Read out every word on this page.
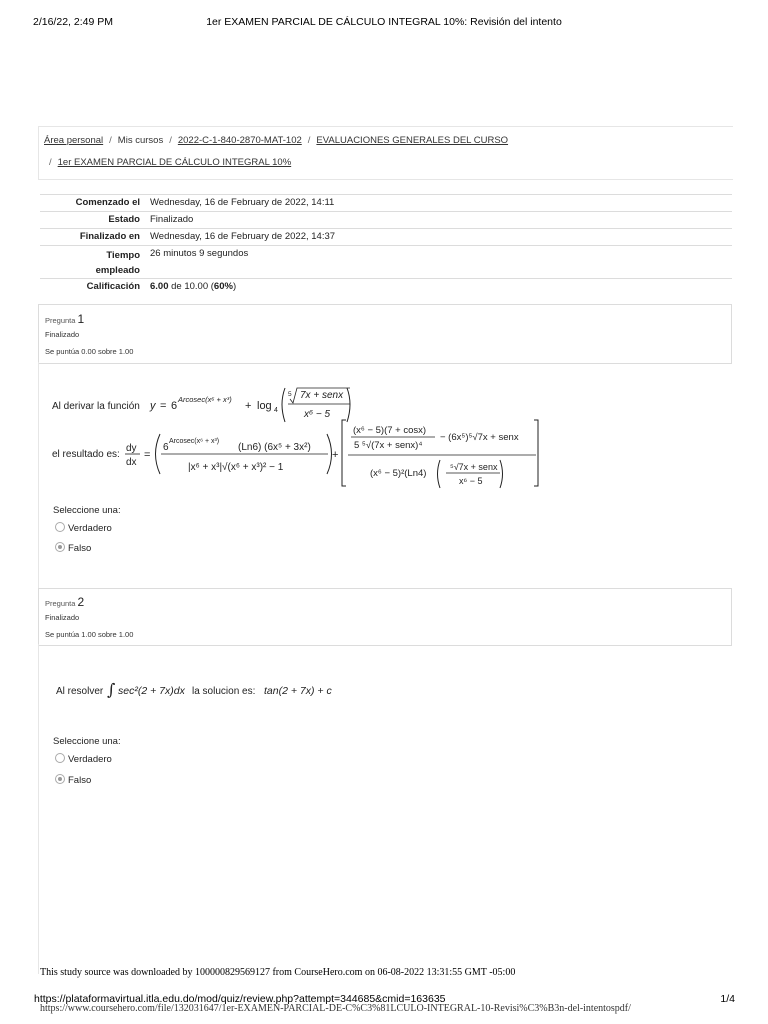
2/16/22, 2:49 PM	1er EXAMEN PARCIAL DE CÁLCULO INTEGRAL 10%: Revisión del intento
Área personal / Mis cursos / 2022-C-1-840-2870-MAT-102 / EVALUACIONES GENERALES DEL CURSO
/ 1er EXAMEN PARCIAL DE CÁLCULO INTEGRAL 10%
Comenzado el	Wednesday, 16 de February de 2022, 14:11
Estado	Finalizado
Finalizado en	Wednesday, 16 de February de 2022, 14:37
Tiempo
empleado	26 minutos 9 segundos
Calificación	6.00 de 10.00 (60%)
Pregunta 1
Finalizado
Se puntúa 0.00 sobre 1.00
Al derivar la función y = 6
Arcosec(x⁶ + x³)
+ log 4
5 7x + senx
x⁶ − 5
el resultado es:
dy
dx
=
6
Arcosec(x⁶ + x³)
(Ln6) (6x⁵ + 3x²)
|x⁶ + x³|√(x⁶ + x³)² − 1
+
(x⁶ − 5)(7 + cosx)
5 ⁵√(7x + senx)⁴
− (6x⁵)⁵√7x + senx
(x⁶ − 5)²(Ln4)
⁵√7x + senx
x⁶ − 5
Seleccione una:
Verdadero
Falso
Pregunta 2
Finalizado
Se puntúa 1.00 sobre 1.00
Al resolver ∫ sec²(2 + 7x)dx la solucion es: tan(2 + 7x) + c
Seleccione una:
Verdadero
Falso
This study source was downloaded by 100000829569127 from CourseHero.com on 06-08-2022 13:31:55 GMT -05:00
https://plataformavirtual.itla.edu.do/mod/quiz/review.php?attempt=344685&cmid=163635	1/4
https://www.coursehero.com/file/132031647/1er-EXAMEN-PARCIAL-DE-C%C3%81LCULO-INTEGRAL-10-Revisi%C3%B3n-del-intentospdf/
